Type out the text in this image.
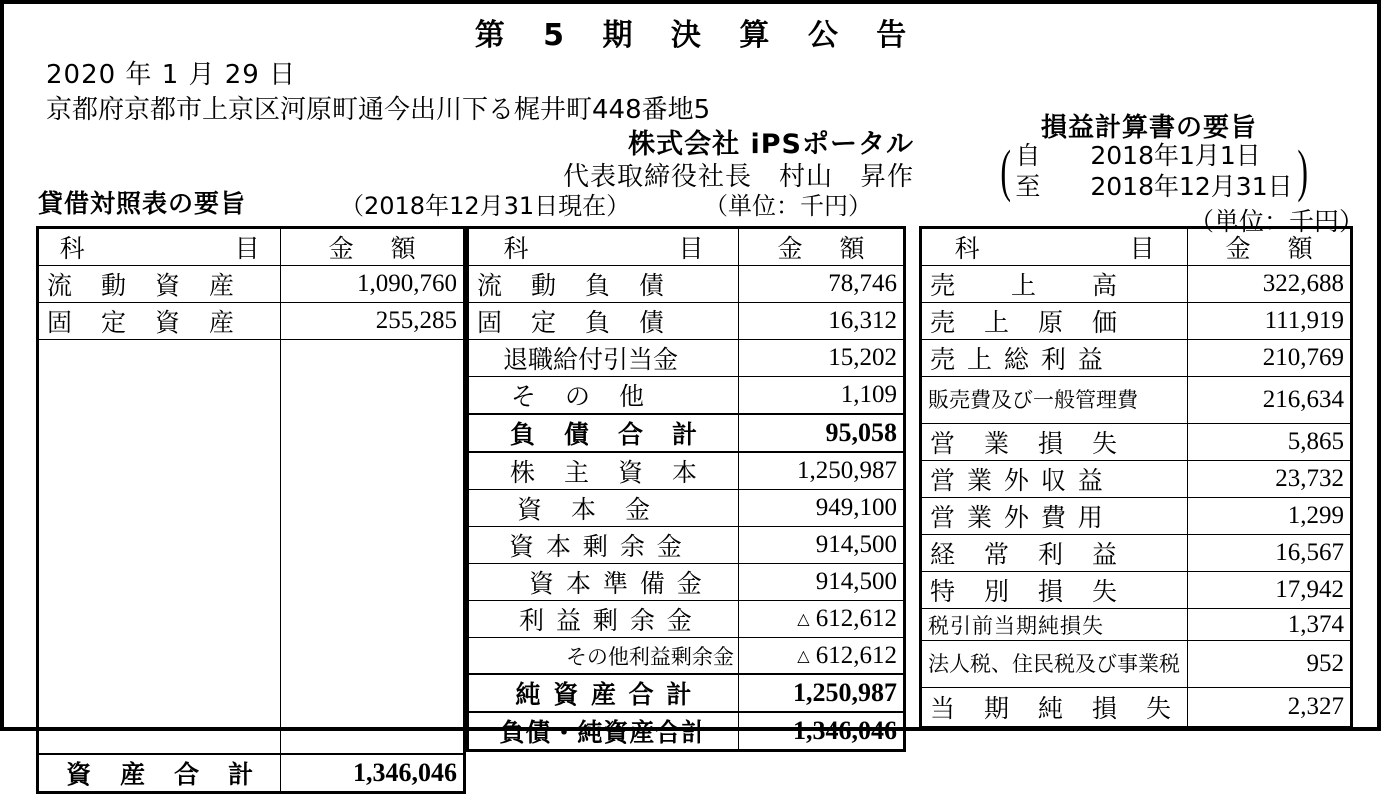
第 5 期 決 算 公 告
2020 年 1 月 29 日
京都府京都市上京区河原町通今出川下る梶井町448番地5
株式会社 iPSポータル
代表取締役社長　村山　昇作
貸借対照表の要旨	（2018年12月31日現在）	（単位：千円）
損益計算書の要旨
( 自　　2018年1月1日
至　　2018年12月31日 )
（単位：千円）
科　　　　目	金　額
流　動　資　産	1,090,760
固　定　資　産	255,285

資　産　合　計	1,346,046
科　　　　目	金　額
流　動　負　債	78,746
固　定　負　債	16,312
退職給付引当金	15,202
そ　の　他	1,109
負　債　合　計	95,058
株　主　資　本	1,250,987
資　本　金	949,100
資 本 剰 余 金	914,500
資 本 準 備 金	914,500
利 益 剰 余 金	△ 612,612
その他利益剰余金	△ 612,612
純 資 産 合 計	1,250,987
負債・純資産合計	1,346,046
科　　　　目	金　額
売　　上　　高	322,688
売　上　原　価	111,919
売 上 総 利 益	210,769
販売費及び一般管理費	216,634
営　業　損　失	5,865
営 業 外 収 益	23,732
営 業 外 費 用	1,299
経　常　利　益	16,567
特　別　損　失	17,942
税引前当期純損失	1,374
法人税、住民税及び事業税	952
当　期　純　損　失	2,327
